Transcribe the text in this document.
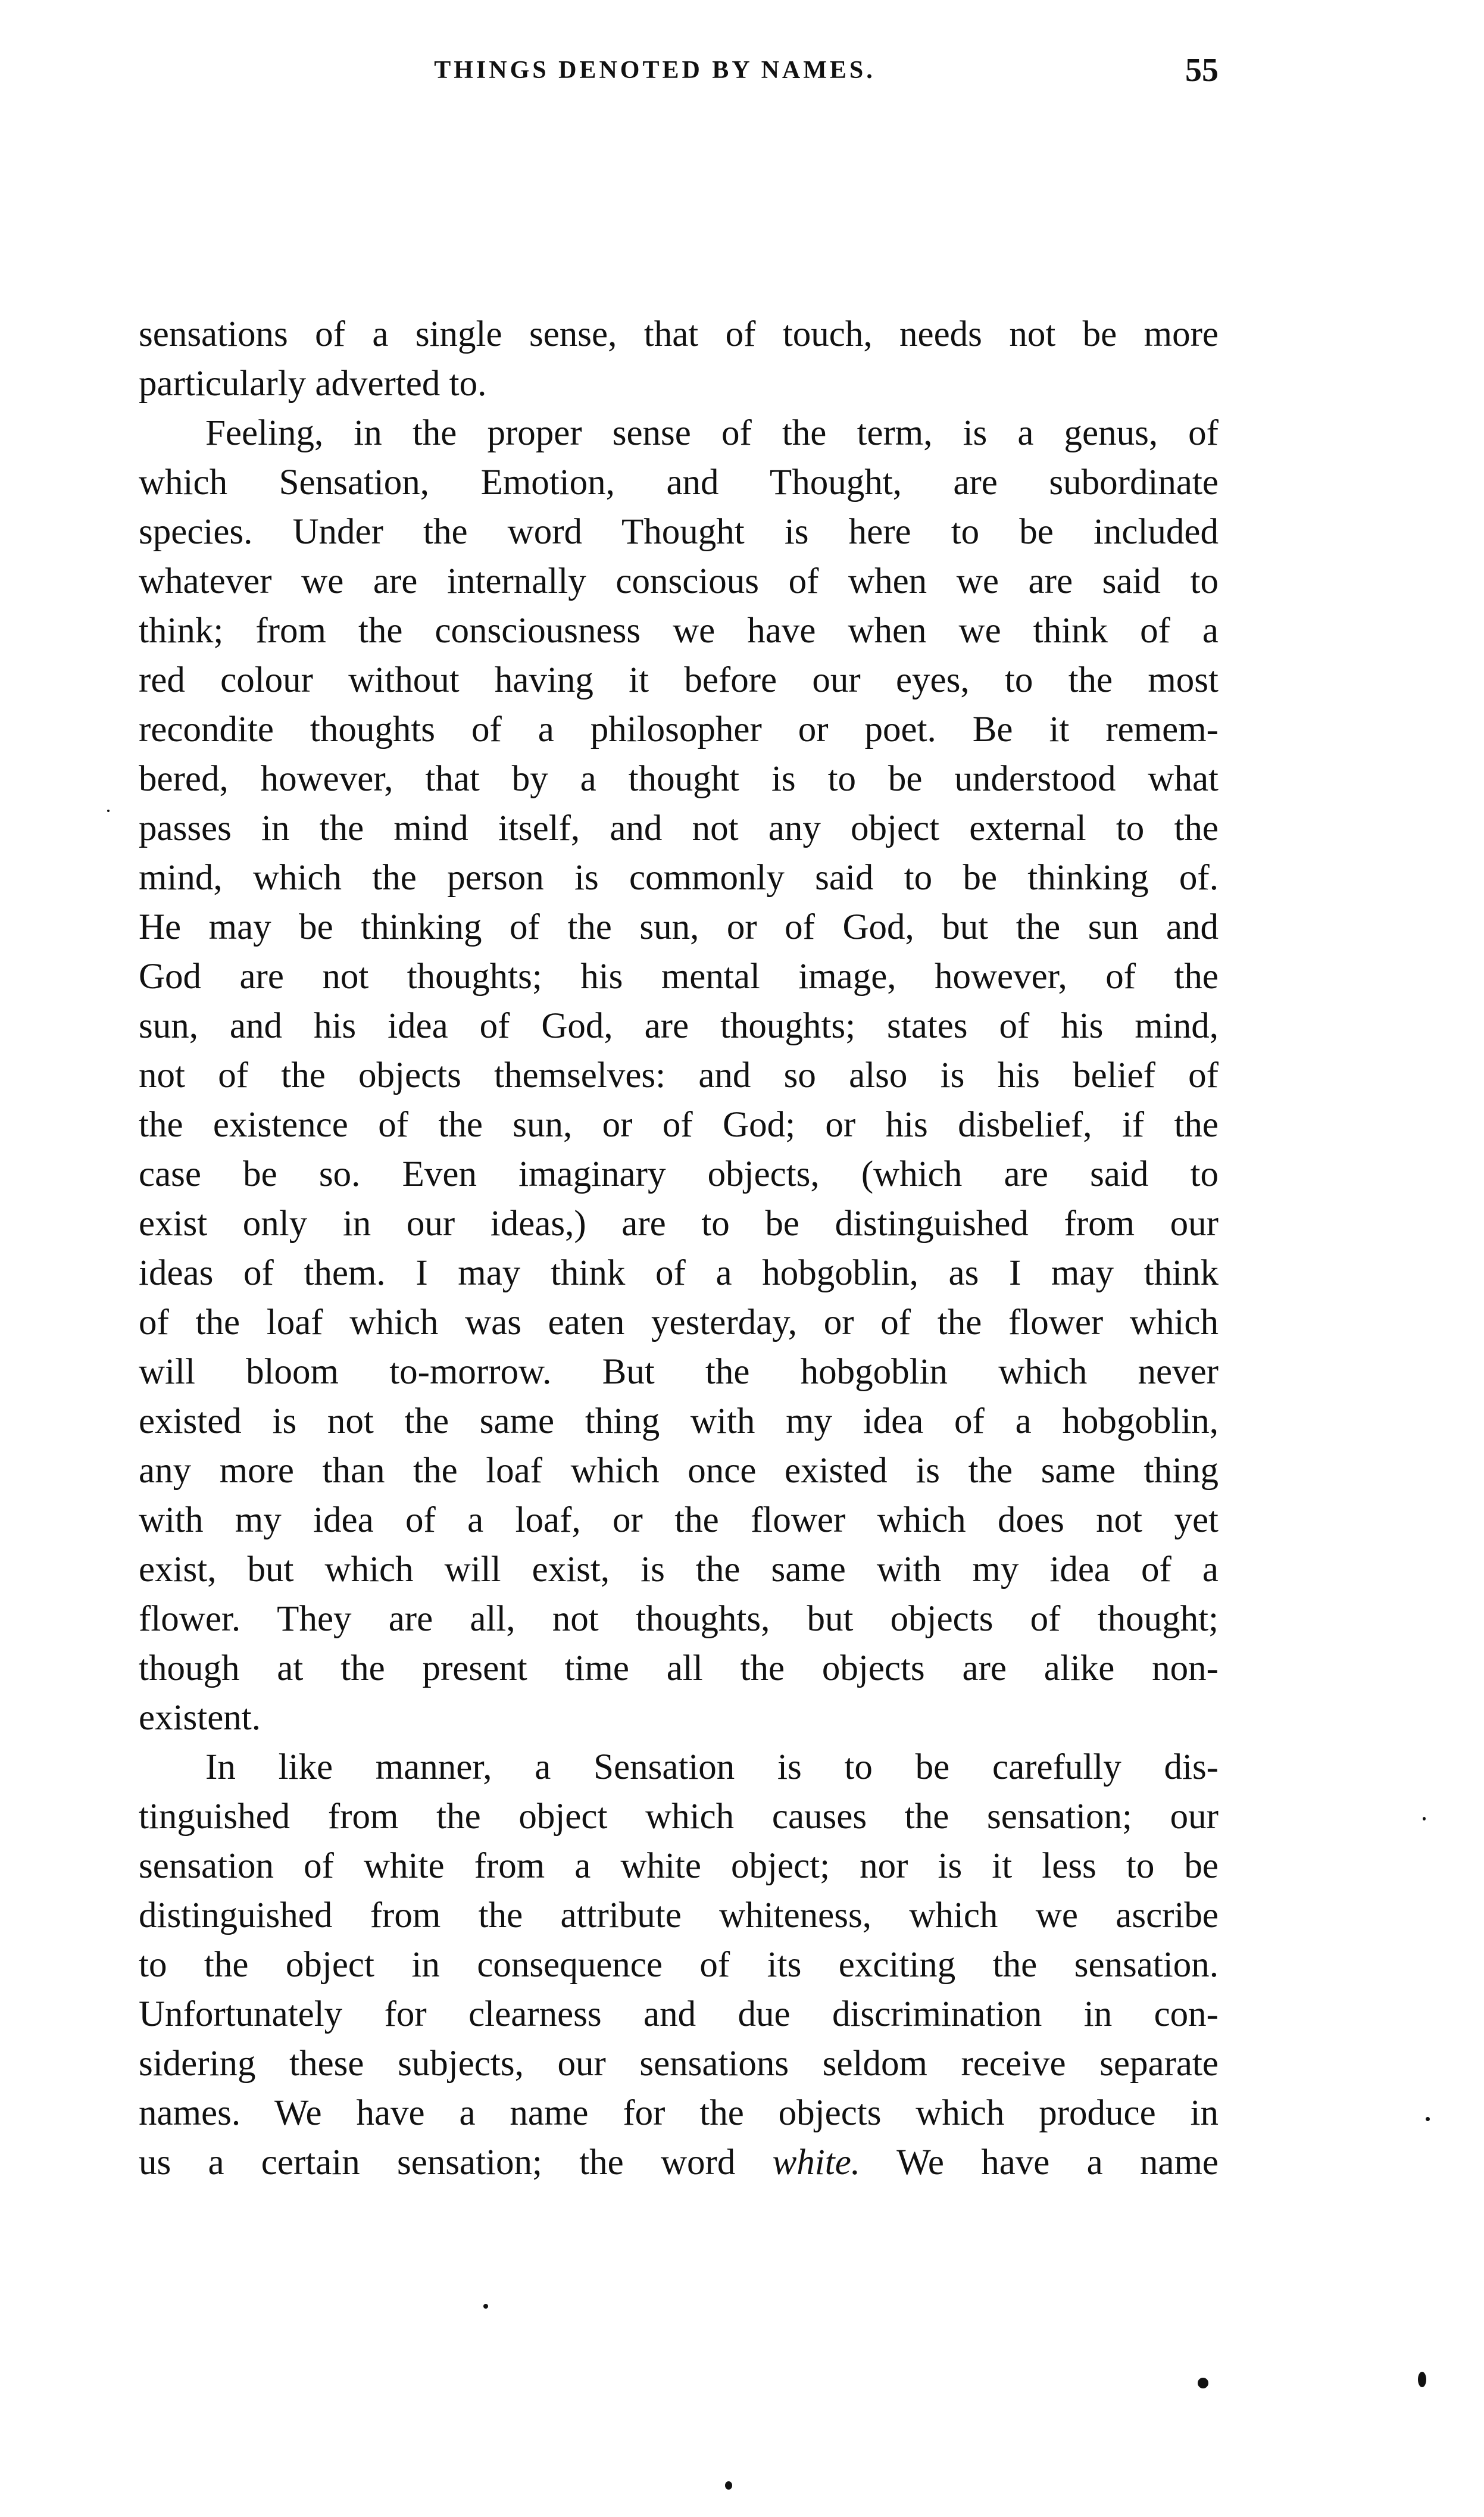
THINGS DENOTED BY NAMES.	55
sensations of a single sense, that of touch, needs not be more
particularly adverted to.
Feeling, in the proper sense of the term, is a genus, of
which Sensation, Emotion, and Thought, are subordinate
species. Under the word Thought is here to be included
whatever we are internally conscious of when we are said to
think; from the consciousness we have when we think of a
red colour without having it before our eyes, to the most
recondite thoughts of a philosopher or poet. Be it remem-
bered, however, that by a thought is to be understood what
passes in the mind itself, and not any object external to the
mind, which the person is commonly said to be thinking of.
He may be thinking of the sun, or of God, but the sun and
God are not thoughts; his mental image, however, of the
sun, and his idea of God, are thoughts; states of his mind,
not of the objects themselves: and so also is his belief of
the existence of the sun, or of God; or his disbelief, if the
case be so. Even imaginary objects, (which are said to
exist only in our ideas,) are to be distinguished from our
ideas of them. I may think of a hobgoblin, as I may think
of the loaf which was eaten yesterday, or of the flower which
will bloom to-morrow. But the hobgoblin which never
existed is not the same thing with my idea of a hobgoblin,
any more than the loaf which once existed is the same thing
with my idea of a loaf, or the flower which does not yet
exist, but which will exist, is the same with my idea of a
flower. They are all, not thoughts, but objects of thought;
though at the present time all the objects are alike non-
existent.
In like manner, a Sensation is to be carefully dis-
tinguished from the object which causes the sensation; our
sensation of white from a white object; nor is it less to be
distinguished from the attribute whiteness, which we ascribe
to the object in consequence of its exciting the sensation.
Unfortunately for clearness and due discrimination in con-
sidering these subjects, our sensations seldom receive separate
names. We have a name for the objects which produce in
us a certain sensation; the word white. We have a name
